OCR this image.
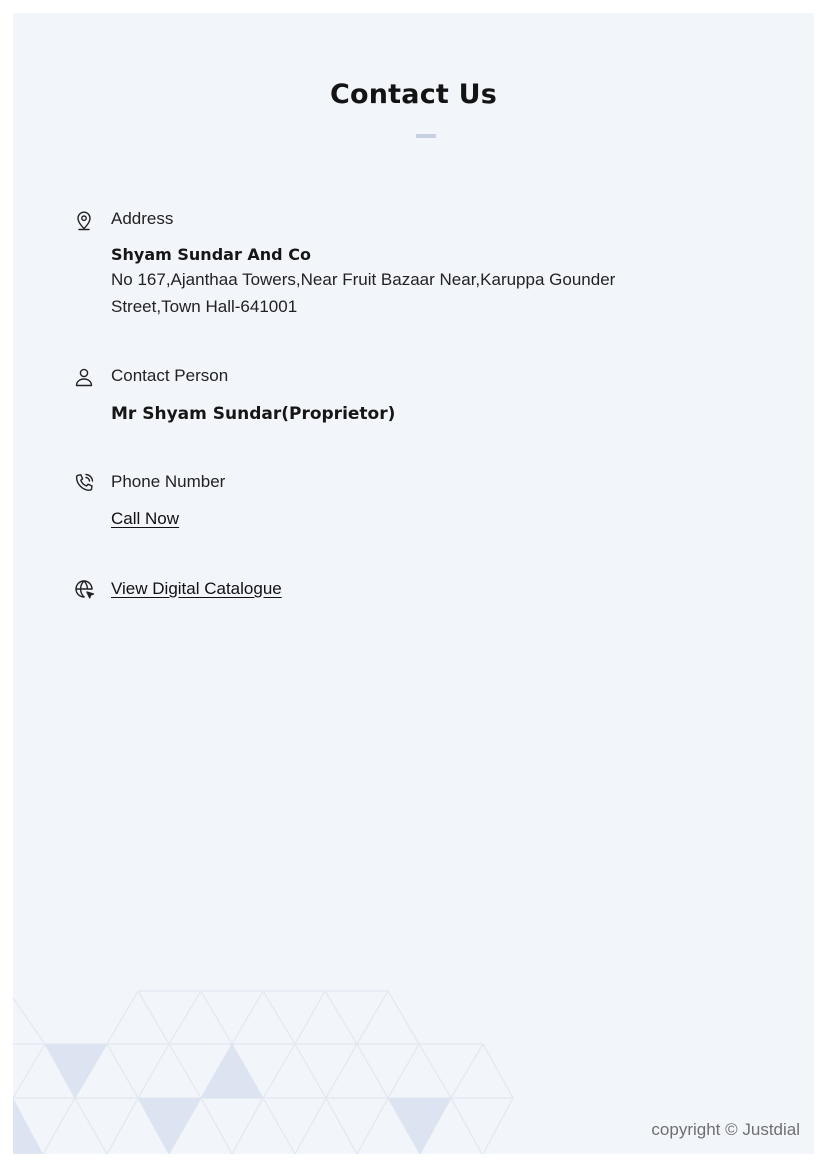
Contact Us
Address
Shyam Sundar And Co
No 167,Ajanthaa Towers,Near Fruit Bazaar Near,Karuppa Gounder
Street,Town Hall-641001
Contact Person
Mr Shyam Sundar(Proprietor)
Phone Number
Call Now
View Digital Catalogue
copyright © Justdial
